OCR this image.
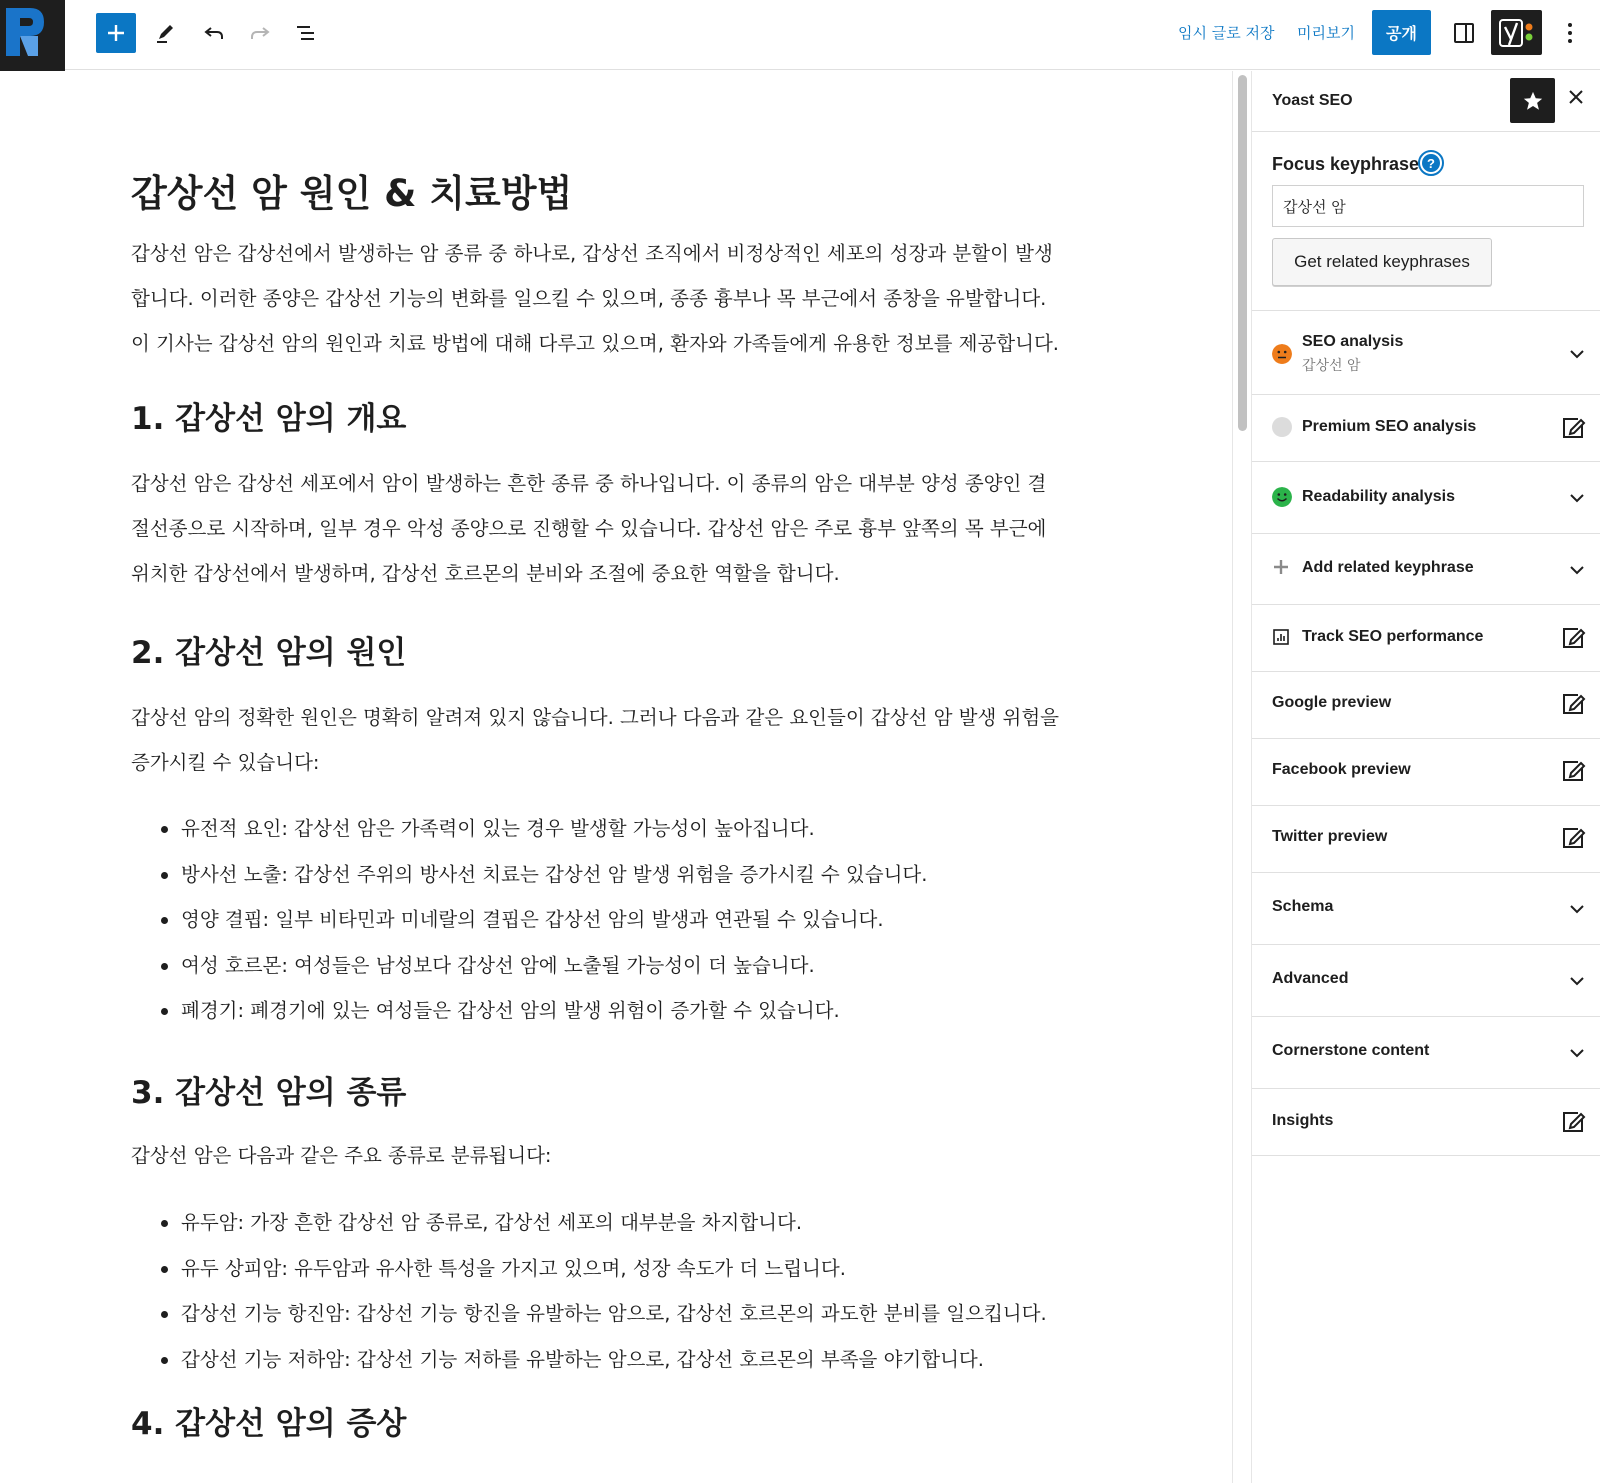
임시 글로 저장 미리보기	공개
갑상선 암 원인 & 치료방법
갑상선 암은 갑상선에서 발생하는 암 종류 중 하나로, 갑상선 조직에서 비정상적인 세포의 성장과 분할이 발생
합니다. 이러한 종양은 갑상선 기능의 변화를 일으킬 수 있으며, 종종 흉부나 목 부근에서 종창을 유발합니다.
이 기사는 갑상선 암의 원인과 치료 방법에 대해 다루고 있으며, 환자와 가족들에게 유용한 정보를 제공합니다.
1. 갑상선 암의 개요
갑상선 암은 갑상선 세포에서 암이 발생하는 흔한 종류 중 하나입니다. 이 종류의 암은 대부분 양성 종양인 결
절선종으로 시작하며, 일부 경우 악성 종양으로 진행할 수 있습니다. 갑상선 암은 주로 흉부 앞쪽의 목 부근에
위치한 갑상선에서 발생하며, 갑상선 호르몬의 분비와 조절에 중요한 역할을 합니다.
2. 갑상선 암의 원인
갑상선 암의 정확한 원인은 명확히 알려져 있지 않습니다. 그러나 다음과 같은 요인들이 갑상선 암 발생 위험을
증가시킬 수 있습니다:
유전적 요인: 갑상선 암은 가족력이 있는 경우 발생할 가능성이 높아집니다.
방사선 노출: 갑상선 주위의 방사선 치료는 갑상선 암 발생 위험을 증가시킬 수 있습니다.
영양 결핍: 일부 비타민과 미네랄의 결핍은 갑상선 암의 발생과 연관될 수 있습니다.
여성 호르몬: 여성들은 남성보다 갑상선 암에 노출될 가능성이 더 높습니다.
폐경기: 폐경기에 있는 여성들은 갑상선 암의 발생 위험이 증가할 수 있습니다.
3. 갑상선 암의 종류
갑상선 암은 다음과 같은 주요 종류로 분류됩니다:
유두암: 가장 흔한 갑상선 암 종류로, 갑상선 세포의 대부분을 차지합니다.
유두 상피암: 유두암과 유사한 특성을 가지고 있으며, 성장 속도가 더 느립니다.
갑상선 기능 항진암: 갑상선 기능 항진을 유발하는 암으로, 갑상선 호르몬의 과도한 분비를 일으킵니다.
갑상선 기능 저하암: 갑상선 기능 저하를 유발하는 암으로, 갑상선 호르몬의 부족을 야기합니다.
4. 갑상선 암의 증상
Yoast SEO
Focus keyphrase ?
갑상선 암
Get related keyphrases
SEO analysis
갑상선 암
Premium SEO analysis
Readability analysis
Add related keyphrase
Track SEO performance
Google preview
Facebook preview
Twitter preview
Schema
Advanced
Cornerstone content
Insights
